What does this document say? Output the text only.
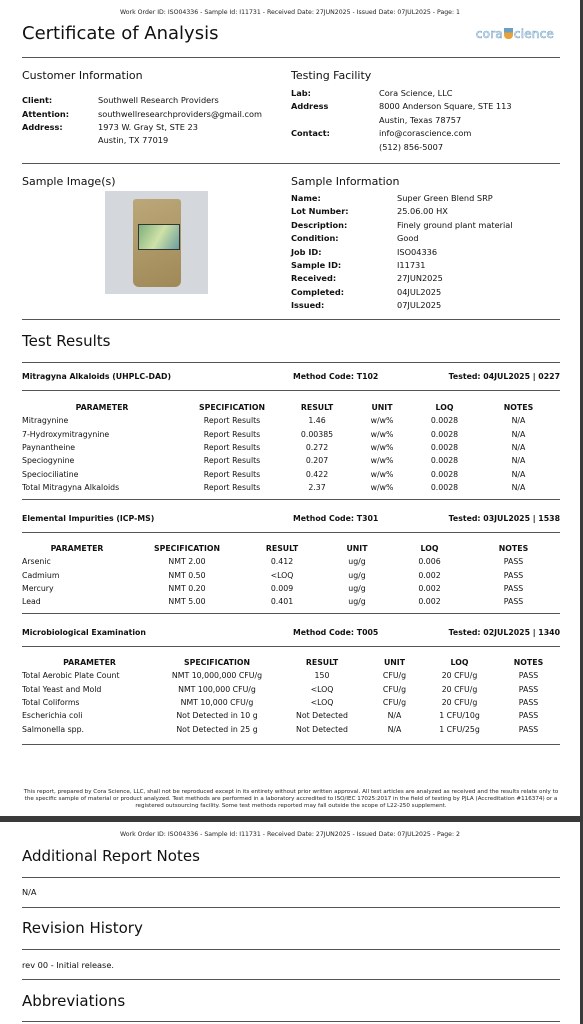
Work Order ID: ISO04336 - Sample Id: I11731 - Received Date: 27JUN2025 - Issued Date: 07JUL2025 - Page: 1
Certificate of Analysis	cora cience
Customer Information
Client:	Southwell Research Providers
Attention:	southwellresearchproviders@gmail.com
Address:	1973 W. Gray St, STE 23
Austin, TX 77019
Testing Facility
Lab:	Cora Science, LLC
Address	8000 Anderson Square, STE 113
Austin, Texas 78757
Contact:	info@corascience.com
(512) 856-5007
Sample Image(s)	Sample Information
Test Results
This report, prepared by Cora Science, LLC, shall not be reproduced except in its entirety without prior written approval. All test articles are analyzed as received and the results relate only to the specific sample of material or product analyzed. Test methods are performed in a laboratory accredited to ISO/IEC 17025:2017 in the field of testing by PJLA (Accreditation #116374) or a registered outsourcing facility. Some test methods reported may fall outside the scope of L22-250 supplement.
Name:	Super Green Blend SRP
Lot Number:	25.06.00 HX
Description:	Finely ground plant material
Condition:	Good
Job ID:	ISO04336
Sample ID:	I11731
Received:	27JUN2025
Completed:	04JUL2025
Issued:	07JUL2025
Mitragyna Alkaloids (UHPLC-DAD)	Method Code: T102	Tested: 04JUL2025 | 0227
PARAMETER	SPECIFICATION	RESULT	UNIT	LOQ	NOTES
Mitragynine	Report Results	1.46	w/w%	0.0028	N/A
7-Hydroxymitragynine	Report Results	0.00385	w/w%	0.0028	N/A
Paynantheine	Report Results	0.272	w/w%	0.0028	N/A
Speciogynine	Report Results	0.207	w/w%	0.0028	N/A
Speciociliatine	Report Results	0.422	w/w%	0.0028	N/A
Total Mitragyna Alkaloids	Report Results	2.37	w/w%	0.0028	N/A
Elemental Impurities (ICP-MS)	Method Code: T301	Tested: 03JUL2025 | 1538
PARAMETER	SPECIFICATION	RESULT	UNIT	LOQ	NOTES
Arsenic	NMT 2.00	0.412	ug/g	0.006	PASS
Cadmium	NMT 0.50	<LOQ	ug/g	0.002	PASS
Mercury	NMT 0.20	0.009	ug/g	0.002	PASS
Lead	NMT 5.00	0.401	ug/g	0.002	PASS
Microbiological Examination	Method Code: T005	Tested: 02JUL2025 | 1340
PARAMETER	SPECIFICATION	RESULT	UNIT	LOQ	NOTES
Total Aerobic Plate Count	NMT 10,000,000 CFU/g	150	CFU/g	20 CFU/g	PASS
Total Yeast and Mold	NMT 100,000 CFU/g	<LOQ	CFU/g	20 CFU/g	PASS
Total Coliforms	NMT 10,000 CFU/g	<LOQ	CFU/g	20 CFU/g	PASS
Escherichia coli	Not Detected in 10 g	Not Detected	N/A	1 CFU/10g	PASS
Salmonella spp.	Not Detected in 25 g	Not Detected	N/A	1 CFU/25g	PASS
Work Order ID: ISO04336 - Sample Id: I11731 - Received Date: 27JUN2025 - Issued Date: 07JUL2025 - Page: 2
Additional Report Notes
N/A
Revision History
rev 00 - Initial release.
Abbreviations
